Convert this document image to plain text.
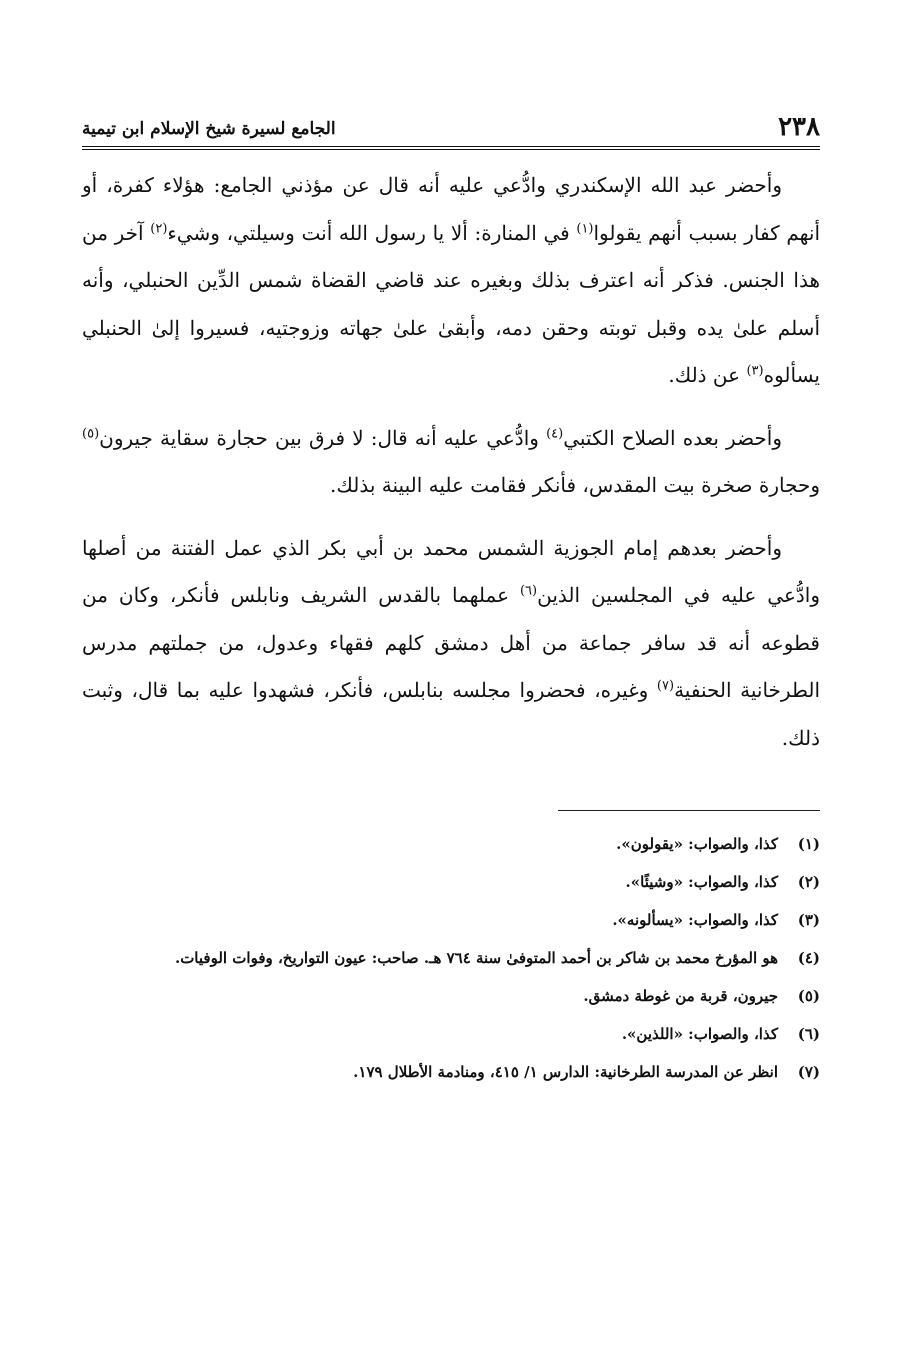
٢٣٨
الجامع لسيرة شيخ الإسلام ابن تيمية

وأحضر عبد الله الإسكندري وادُّعي عليه أنه قال عن مؤذني الجامع: هؤلاء كفرة، أو أنهم كفار بسبب أنهم يقولوا$^{(١)}$ في المنارة: ألا يا رسول الله أنت وسيلتي، وشيء$^{(٢)}$ آخر من هذا الجنس. فذكر أنه اعترف بذلك وبغيره عند قاضي القضاة شمس الدِّين الحنبلي، وأنه أسلم علىٰ يده وقبل توبته وحقن دمه، وأبقىٰ علىٰ جهاته وزوجتيه، فسيروا إلىٰ الحنبلي يسألوه$^{(٣)}$ عن ذلك.

وأحضر بعده الصلاح الكتبي$^{(٤)}$ وادُّعي عليه أنه قال: لا فرق بين حجارة سقاية جيرون$^{(٥)}$ وحجارة صخرة بيت المقدس، فأنكر فقامت عليه البينة بذلك.

وأحضر بعدهم إمام الجوزية الشمس محمد بن أبي بكر الذي عمل الفتنة من أصلها وادُّعي عليه في المجلسين الذين$^{(٦)}$ عملهما بالقدس الشريف ونابلس فأنكر، وكان من قطوعه أنه قد سافر جماعة من أهل دمشق كلهم فقهاء وعدول، من جملتهم مدرس الطرخانية الحنفية$^{(٧)}$ وغيره، فحضروا مجلسه بنابلس، فأنكر، فشهدوا عليه بما قال، وثبت ذلك.

(١)
كذا، والصواب: «يقولون».
(٢)
كذا، والصواب: «وشيئًا».
(٣)
كذا، والصواب: «يسألونه».
(٤)
هو المؤرخ محمد بن شاكر بن أحمد المتوفىٰ سنة ٧٦٤ هـ. صاحب: عيون التواريخ، وفوات الوفيات.
(٥)
جيرون، قربة من غوطة دمشق.
(٦)
كذا، والصواب: «اللذين».
(٧)
انظر عن المدرسة الطرخانية: الدارس ١/ ٤١٥، ومنادمة الأطلال ١٧٩.
